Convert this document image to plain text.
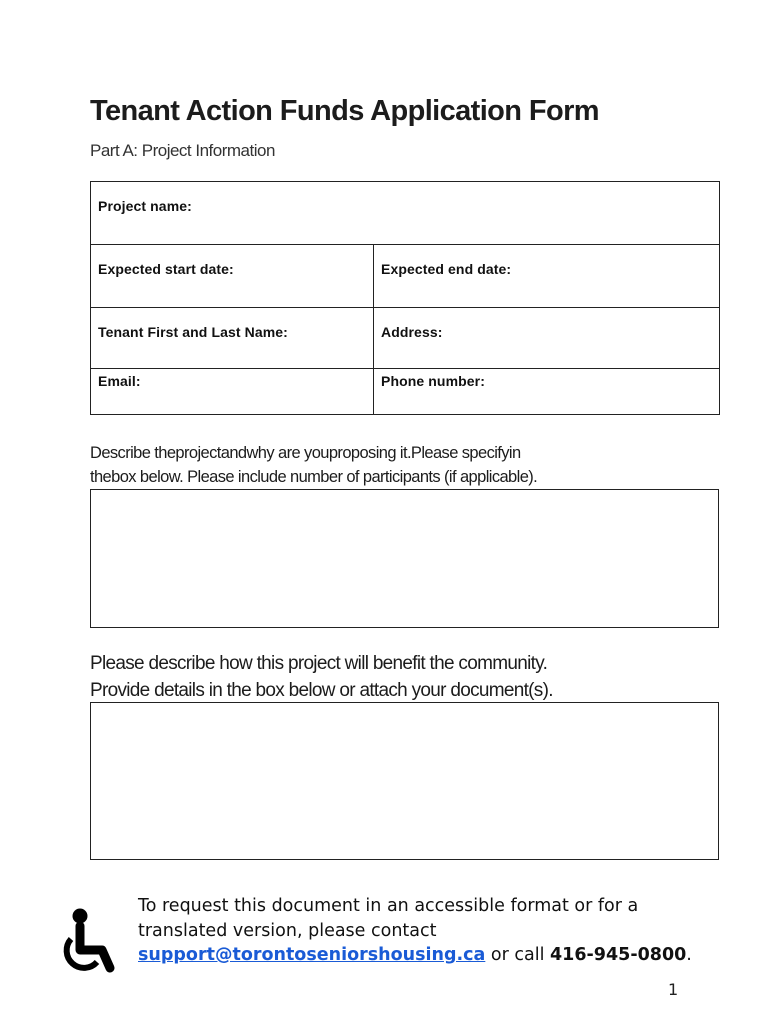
Tenant Action Funds Application Form
Part A: Project Information
Project name:	

Expected start date:	Expected end date:

Tenant First and Last Name:	Address:

Email:	Phone number:
Describe theprojectandwhy are youproposing it.Please specifyin
thebox below. Please include number of participants (if applicable).
Please describe how this project will benefit the community.
Provide details in the box below or attach your document(s).
To request this document in an accessible format or for a
translated version, please contact
support@torontoseniorshousing.ca or call 416-945-0800.
1
